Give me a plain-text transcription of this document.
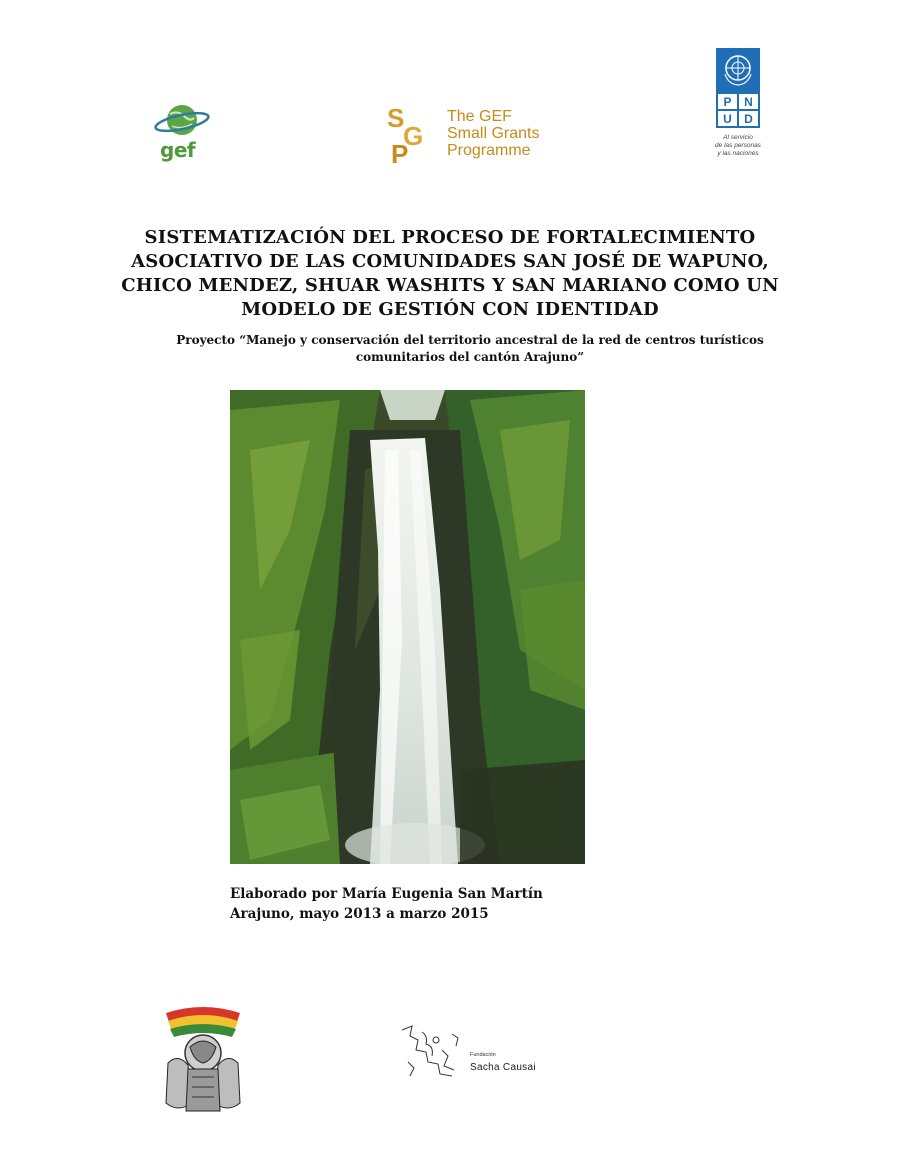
gef
S
G
P
The GEF
Small Grants
Programme
P	N
U	D
Al servicio
de las personas
y las naciones
SISTEMATIZACIÓN DEL PROCESO DE FORTALECIMIENTO
ASOCIATIVO DE LAS COMUNIDADES SAN JOSÉ DE WAPUNO,
CHICO MENDEZ, SHUAR WASHITS Y SAN MARIANO COMO UN
MODELO DE GESTIÓN CON IDENTIDAD
Proyecto “Manejo y conservación del territorio ancestral de la red de centros turísticos
comunitarios del cantón Arajuno”
Elaborado por María Eugenia San Martín
Arajuno, mayo 2013 a marzo 2015
Fundación
Sacha Causai
